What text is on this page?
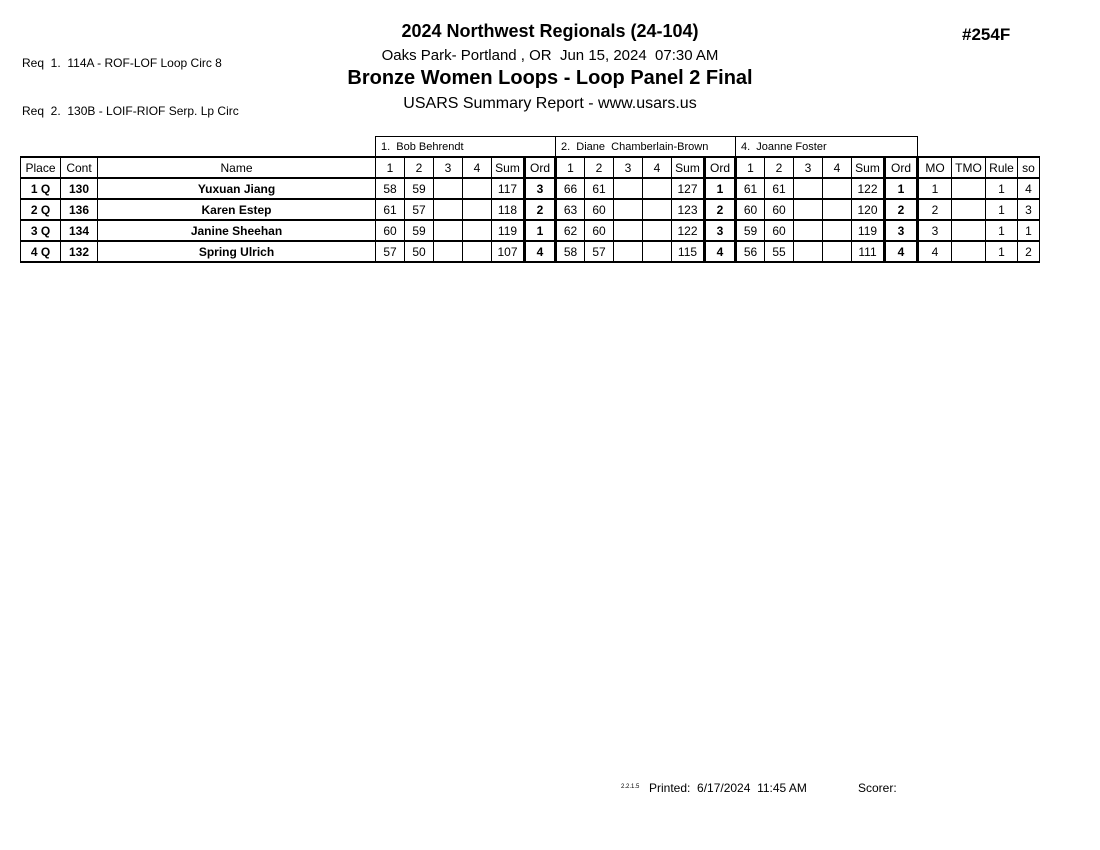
Req  1.  114A - ROF-LOF Loop Circ 8

Req  2.  130B - LOIF-RIOF Serp. Lp Circ

2024 Northwest Regionals (24-104)
Oaks Park- Portland , OR  Jun 15, 2024  07:30 AM
Bronze Women Loops - Loop Panel 2 Final
USARS Summary Report - www.usars.us
#254F
			1.  Bob Behrendt						2.  Diane  Chamberlain-Brown						4.  Joanne Foster									
Place	Cont	Name	1	2	3	4	Sum	Ord	1	2	3	4	Sum	Ord	1	2	3	4	Sum	Ord	MO	TMO	Rule	so
1 Q	130	Yuxuan Jiang	58	59			117	3	66	61			127	1	61	61			122	1	1		1	4
2 Q	136	Karen Estep	61	57			118	2	63	60			123	2	60	60			120	2	2		1	3
3 Q	134	Janine Sheehan	60	59			119	1	62	60			122	3	59	60			119	3	3		1	1
4 Q	132	Spring Ulrich	57	50			107	4	58	57			115	4	56	55			111	4	4		1	2
2.2.1.5 Printed:  6/17/2024  11:45 AM	Scorer:
